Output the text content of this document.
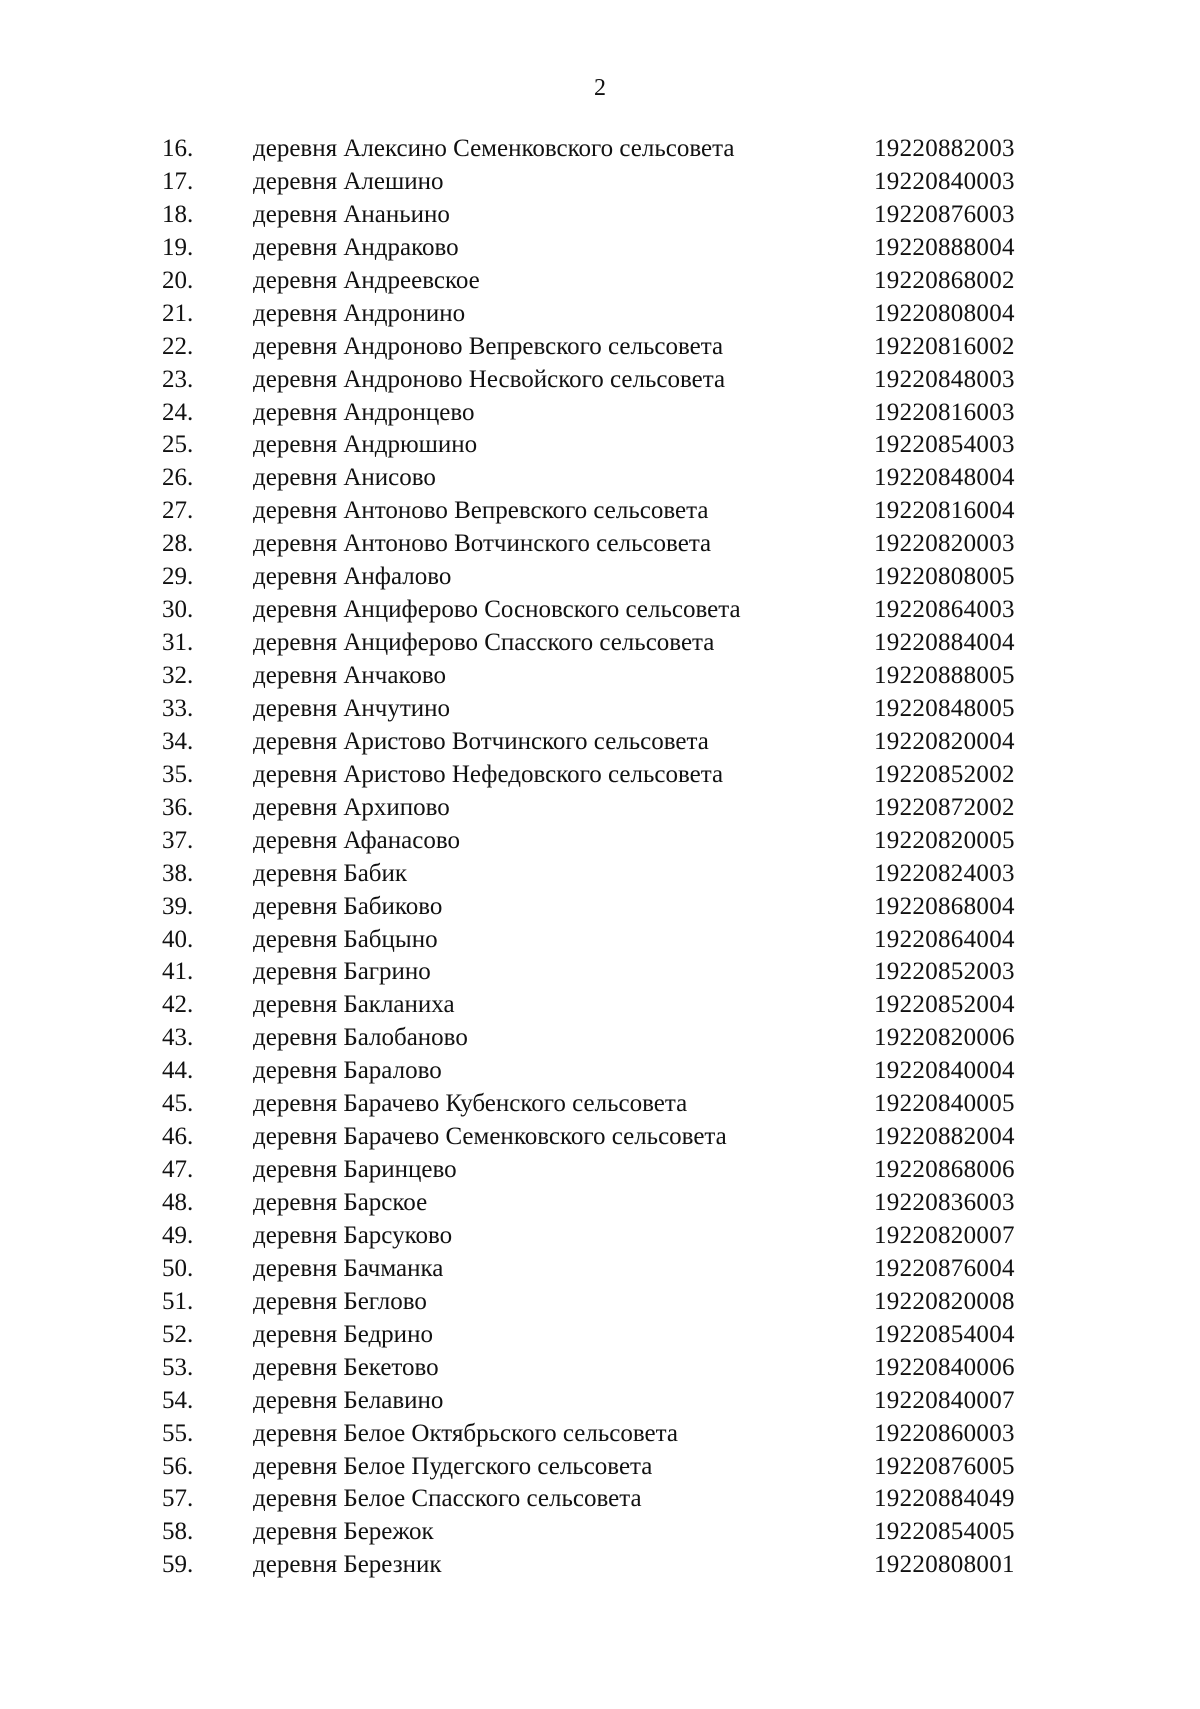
2
16.	деревня Алексино Семенковского сельсовета	19220882003
17.	деревня Алешино	19220840003
18.	деревня Ананьино	19220876003
19.	деревня Андраково	19220888004
20.	деревня Андреевское	19220868002
21.	деревня Андронино	19220808004
22.	деревня Андроново Вепревского сельсовета	19220816002
23.	деревня Андроново Несвойского сельсовета	19220848003
24.	деревня Андронцево	19220816003
25.	деревня Андрюшино	19220854003
26.	деревня Анисово	19220848004
27.	деревня Антоново Вепревского сельсовета	19220816004
28.	деревня Антоново Вотчинского сельсовета	19220820003
29.	деревня Анфалово	19220808005
30.	деревня Анциферово Сосновского сельсовета	19220864003
31.	деревня Анциферово Спасского сельсовета	19220884004
32.	деревня Анчаково	19220888005
33.	деревня Анчутино	19220848005
34.	деревня Аристово Вотчинского сельсовета	19220820004
35.	деревня Аристово Нефедовского сельсовета	19220852002
36.	деревня Архипово	19220872002
37.	деревня Афанасово	19220820005
38.	деревня Бабик	19220824003
39.	деревня Бабиково	19220868004
40.	деревня Бабцыно	19220864004
41.	деревня Багрино	19220852003
42.	деревня Бакланиха	19220852004
43.	деревня Балобаново	19220820006
44.	деревня Баралово	19220840004
45.	деревня Барачево Кубенского сельсовета	19220840005
46.	деревня Барачево Семенковского сельсовета	19220882004
47.	деревня Баринцево	19220868006
48.	деревня Барское	19220836003
49.	деревня Барсуково	19220820007
50.	деревня Бачманка	19220876004
51.	деревня Беглово	19220820008
52.	деревня Бедрино	19220854004
53.	деревня Бекетово	19220840006
54.	деревня Белавино	19220840007
55.	деревня Белое Октябрьского сельсовета	19220860003
56.	деревня Белое Пудегского сельсовета	19220876005
57.	деревня Белое Спасского сельсовета	19220884049
58.	деревня Бережок	19220854005
59.	деревня Березник	19220808001
